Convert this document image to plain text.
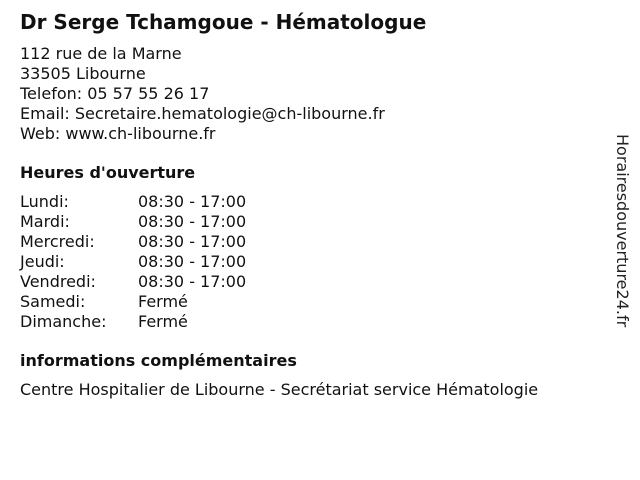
Dr Serge Tchamgoue - Hématologue
112 rue de la Marne
33505 Libourne
Telefon: 05 57 55 26 17
Email: Secretaire.hematologie@ch-libourne.fr
Web: www.ch-libourne.fr
Heures d'ouverture
Lundi:	08:30 - 17:00
Mardi:	08:30 - 17:00
Mercredi:	08:30 - 17:00
Jeudi:	08:30 - 17:00
Vendredi:	08:30 - 17:00
Samedi:	Fermé
Dimanche:	Fermé
informations complémentaires
Centre Hospitalier de Libourne - Secrétariat service Hématologie
Horairesdouverture24.fr
